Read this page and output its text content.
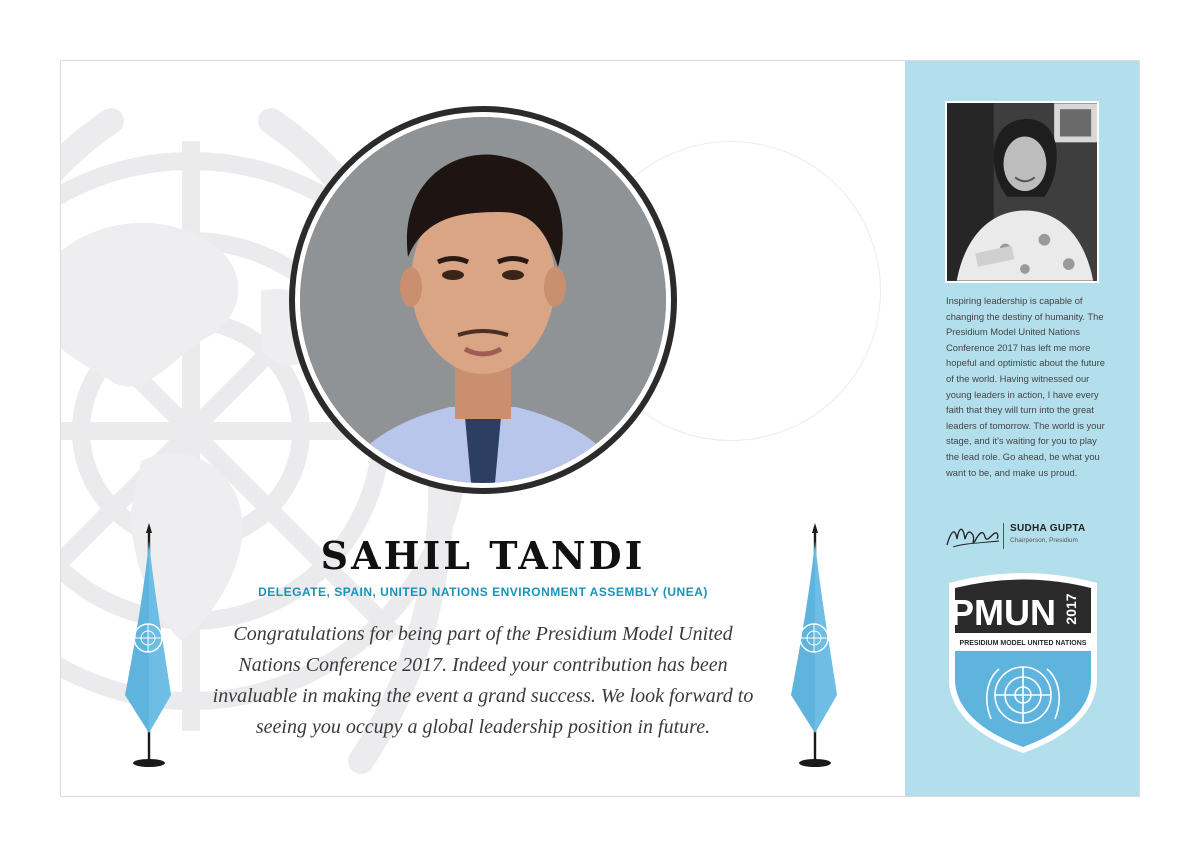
SAHIL TANDI
DELEGATE, SPAIN, UNITED NATIONS ENVIRONMENT ASSEMBLY (UNEA)
Congratulations for being part of the Presidium Model United Nations Conference 2017. Indeed your contribution has been invaluable in making the event a grand success. We look forward to seeing you occupy a global leadership position in future.
Inspiring leadership is capable of changing the destiny of humanity. The Presidium Model United Nations Conference 2017 has left me more hopeful and optimistic about the future of the world. Having witnessed our young leaders in action, I have every faith that they will turn into the great leaders of tomorrow. The world is your stage, and it's waiting for you to play the lead role. Go ahead, be what you want to be, and make us proud.
SUDHA GUPTA
Chairperson, Presidium
PMUN 2017
PRESIDIUM MODEL UNITED NATIONS
